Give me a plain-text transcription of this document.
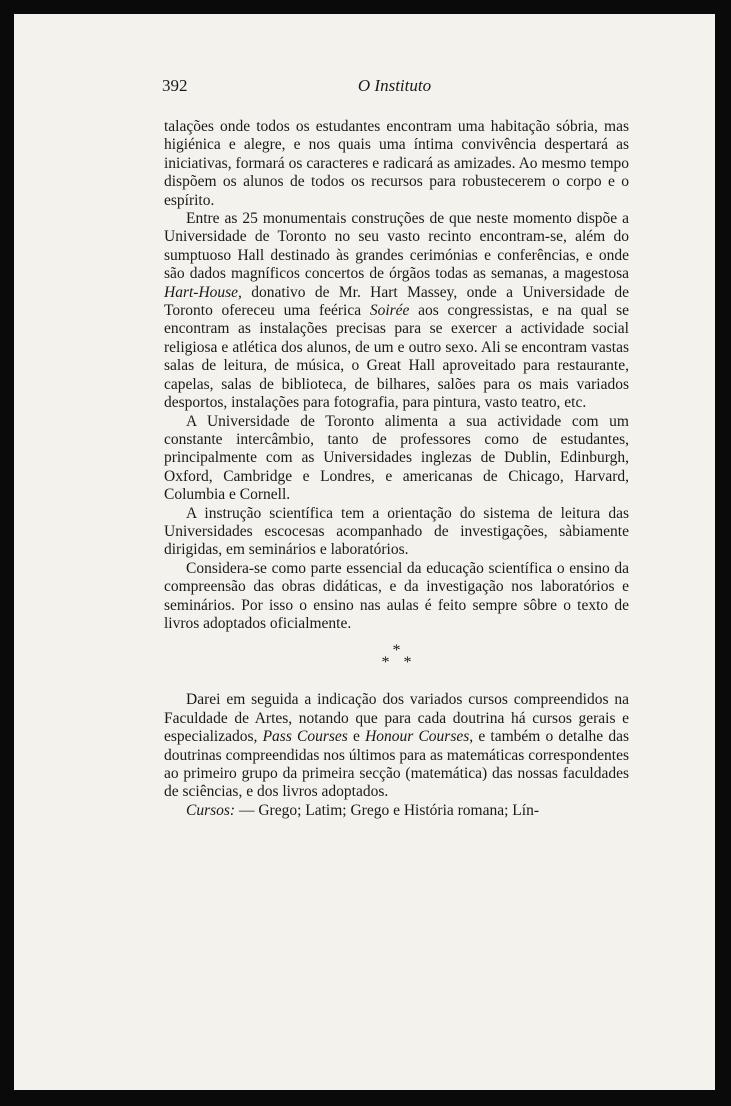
392	O Instituto

talações onde todos os estudantes encontram uma habitação sóbria, mas higiénica e alegre, e nos quais uma íntima convivência despertará as iniciativas, formará os caracteres e radicará as amizades. Ao mesmo tempo dispõem os alunos de todos os recursos para robustecerem o corpo e o espírito.

Entre as 25 monumentais construções de que neste momento dispõe a Universidade de Toronto no seu vasto recinto encontram-se, além do sumptuoso Hall destinado às grandes cerimónias e conferências, e onde são dados magníficos concertos de órgãos todas as semanas, a magestosa Hart-House, donativo de Mr. Hart Massey, onde a Universidade de Toronto ofereceu uma feérica Soirée aos congressistas, e na qual se encontram as instalações precisas para se exercer a actividade social religiosa e atlética dos alunos, de um e outro sexo. Ali se encontram vastas salas de leitura, de música, o Great Hall aproveitado para restaurante, capelas, salas de biblioteca, de bilhares, salões para os mais variados desportos, instalações para fotografia, para pintura, vasto teatro, etc.

A Universidade de Toronto alimenta a sua actividade com um constante intercâmbio, tanto de professores como de estudantes, principalmente com as Universidades inglezas de Dublin, Edinburgh, Oxford, Cambridge e Londres, e americanas de Chicago, Harvard, Columbia e Cornell.

A instrução scientífica tem a orientação do sistema de leitura das Universidades escocesas acompanhado de investigações, sàbiamente dirigidas, em seminários e laboratórios.

Considera-se como parte essencial da educação scientífica o ensino da compreensão das obras didáticas, e da investigação nos laboratórios e seminários. Por isso o ensino nas aulas é feito sempre sôbre o texto de livros adoptados oficialmente.

*
**

Darei em seguida a indicação dos variados cursos compreendidos na Faculdade de Artes, notando que para cada doutrina há cursos gerais e especializados, Pass Courses e Honour Courses, e também o detalhe das doutrinas compreendidas nos últimos para as matemáticas correspondentes ao primeiro grupo da primeira secção (matemática) das nossas faculdades de sciências, e dos livros adoptados.

Cursos: — Grego; Latim; Grego e História romana; Lín-
